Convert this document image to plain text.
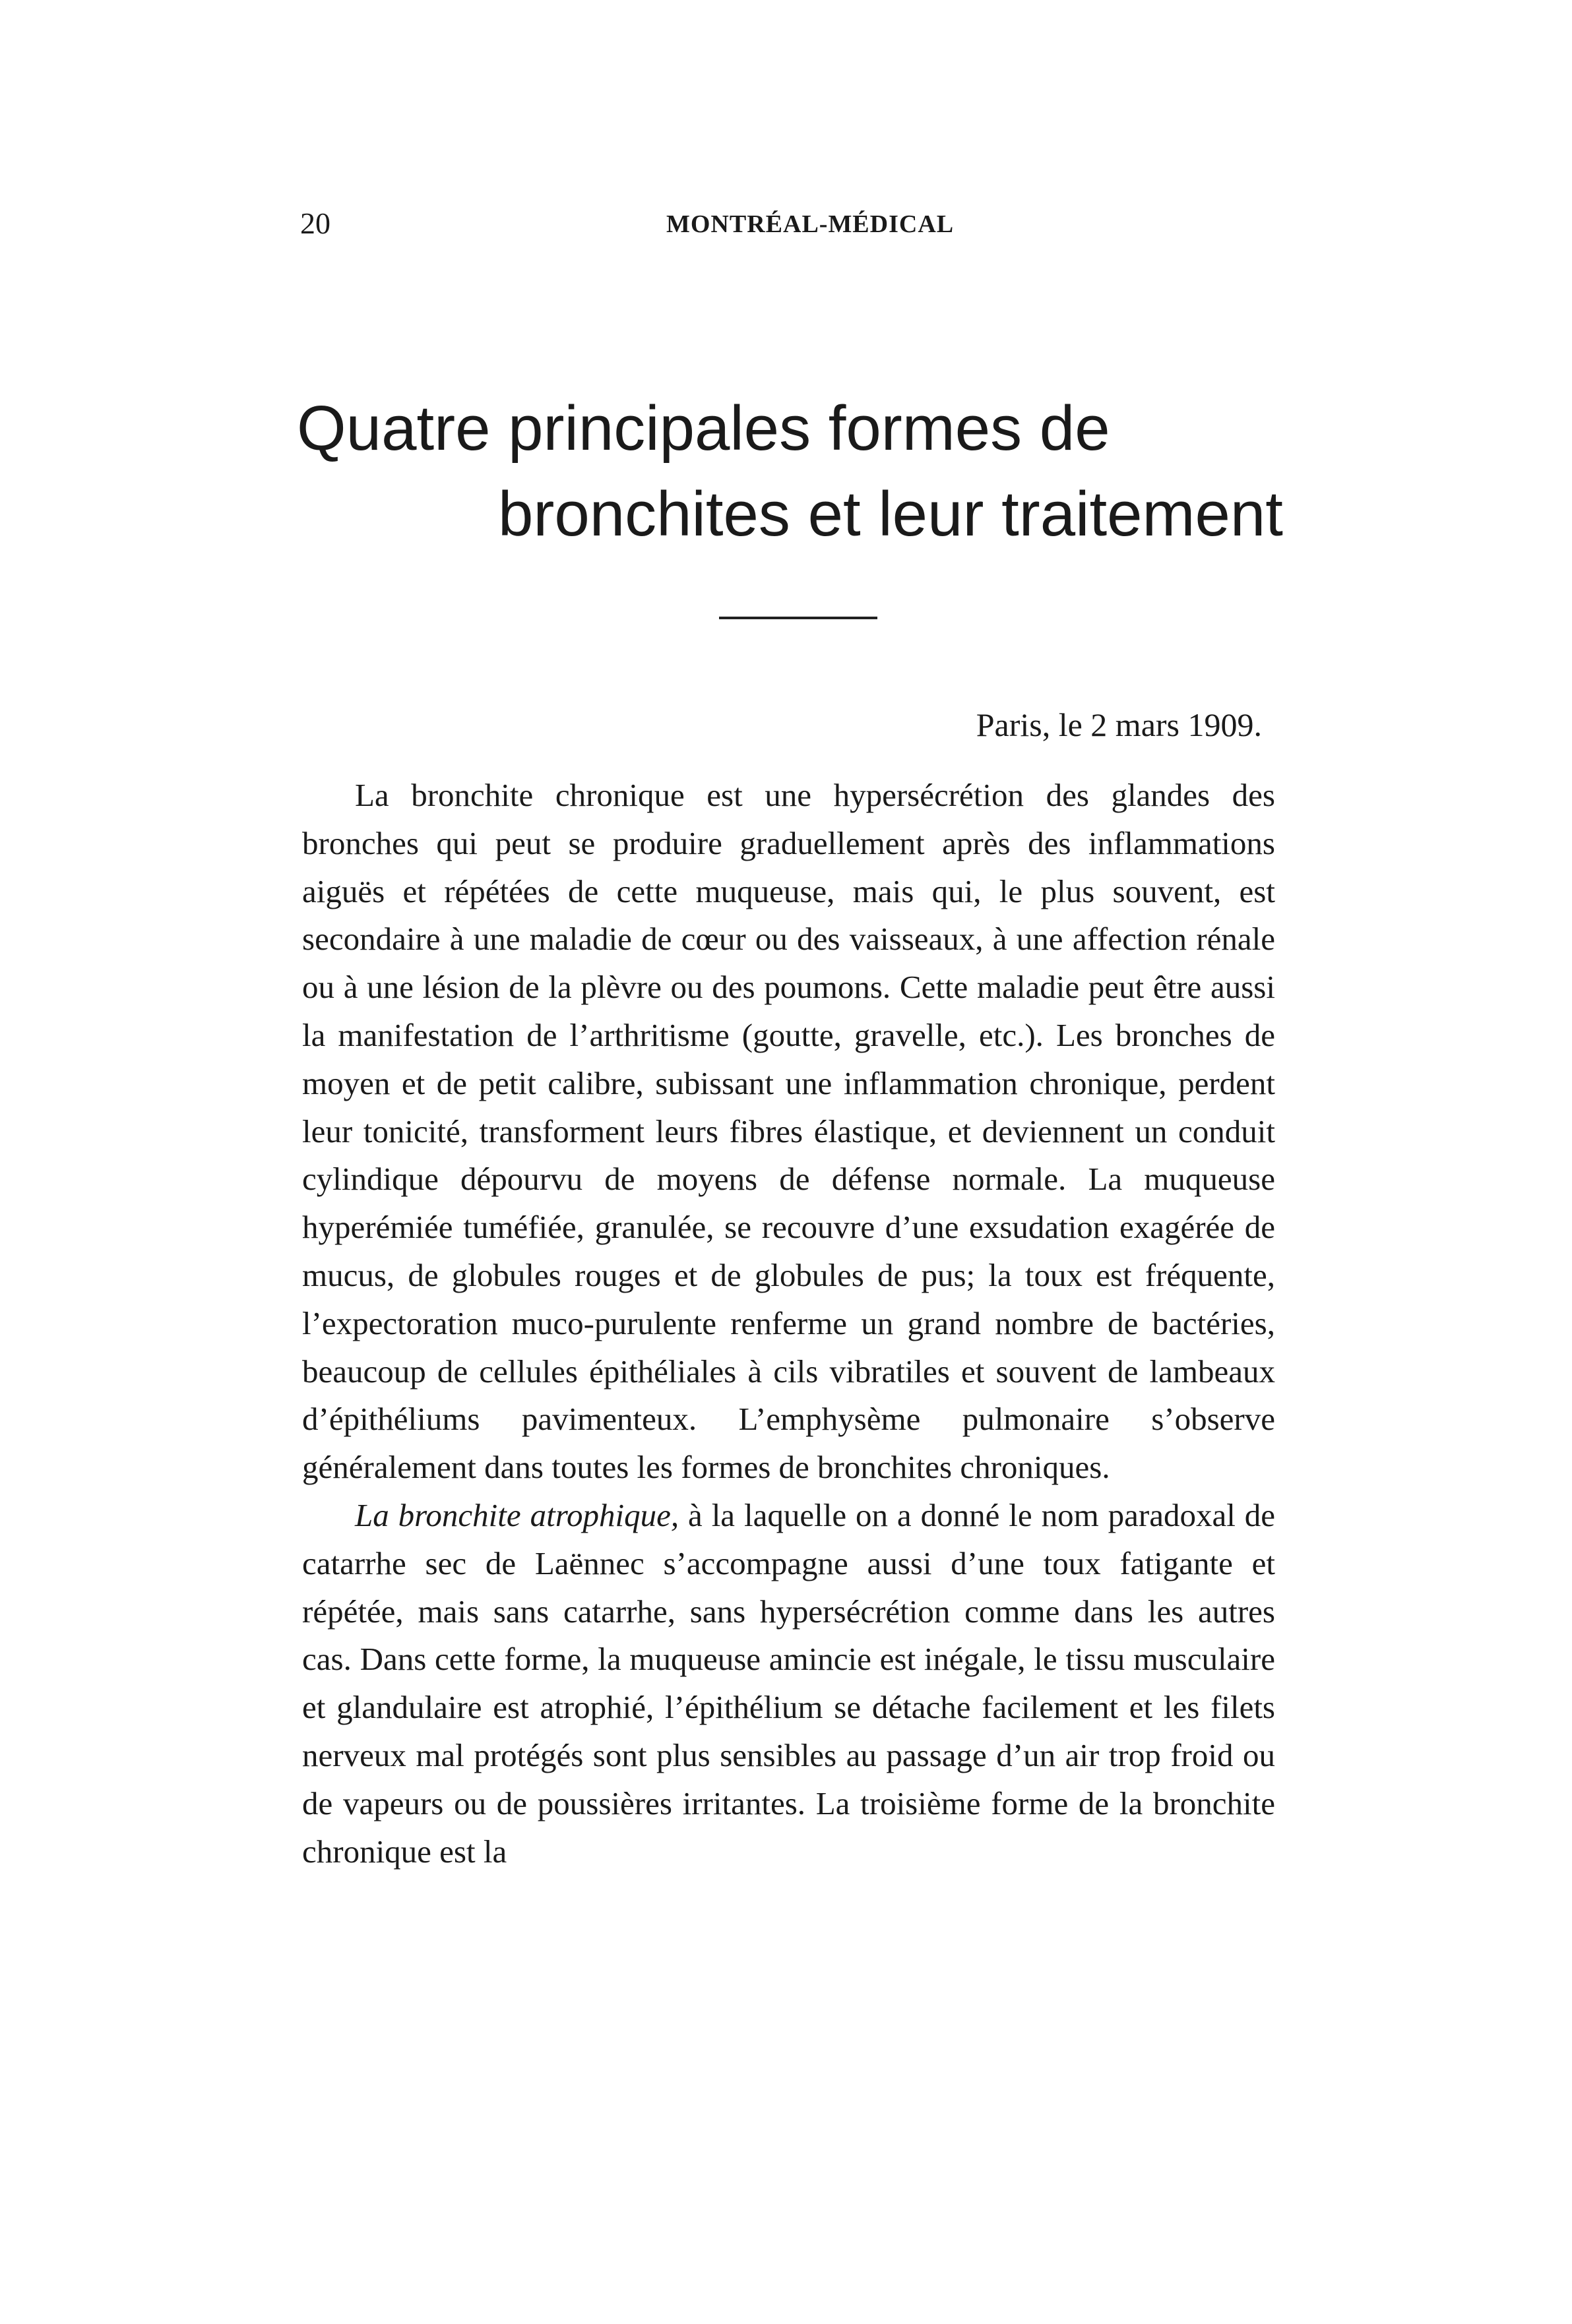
20	MONTRÉAL-MÉDICAL
Quatre principales formes de
bronchites et leur traitement
Paris, le 2 mars 1909.

La bronchite chronique est une hypersécrétion des glandes des bronches qui peut se produire graduellement après des inflammations aiguës et répétées de cette muqueuse, mais qui, le plus souvent, est secondaire à une maladie de cœur ou des vaisseaux, à une affection rénale ou à une lésion de la plèvre ou des poumons. Cette maladie peut être aussi la manifestation de l’arthritisme (goutte, gravelle, etc.). Les bronches de moyen et de petit calibre, subissant une inflammation chronique, perdent leur tonicité, transforment leurs fibres élastique, et deviennent un conduit cylindique dépourvu de moyens de défense normale. La muqueuse hyperémiée tuméfiée, granulée, se recouvre d’une exsudation exagérée de mucus, de globules rouges et de globules de pus; la toux est fréquente, l’expectoration muco-purulente renferme un grand nombre de bactéries, beaucoup de cellules épithéliales à cils vibratiles et souvent de lambeaux d’épithéliums pavimenteux. L’emphysème pulmonaire s’observe généralement dans toutes les formes de bronchites chroniques.

La bronchite atrophique, à la laquelle on a donné le nom paradoxal de catarrhe sec de Laënnec s’accompagne aussi d’une toux fatigante et répétée, mais sans catarrhe, sans hypersécrétion comme dans les autres cas. Dans cette forme, la muqueuse amincie est inégale, le tissu musculaire et glandulaire est atrophié, l’épithélium se détache facilement et les filets nerveux mal protégés sont plus sensibles au passage d’un air trop froid ou de vapeurs ou de poussières irritantes. La troisième forme de la bronchite chronique est la
